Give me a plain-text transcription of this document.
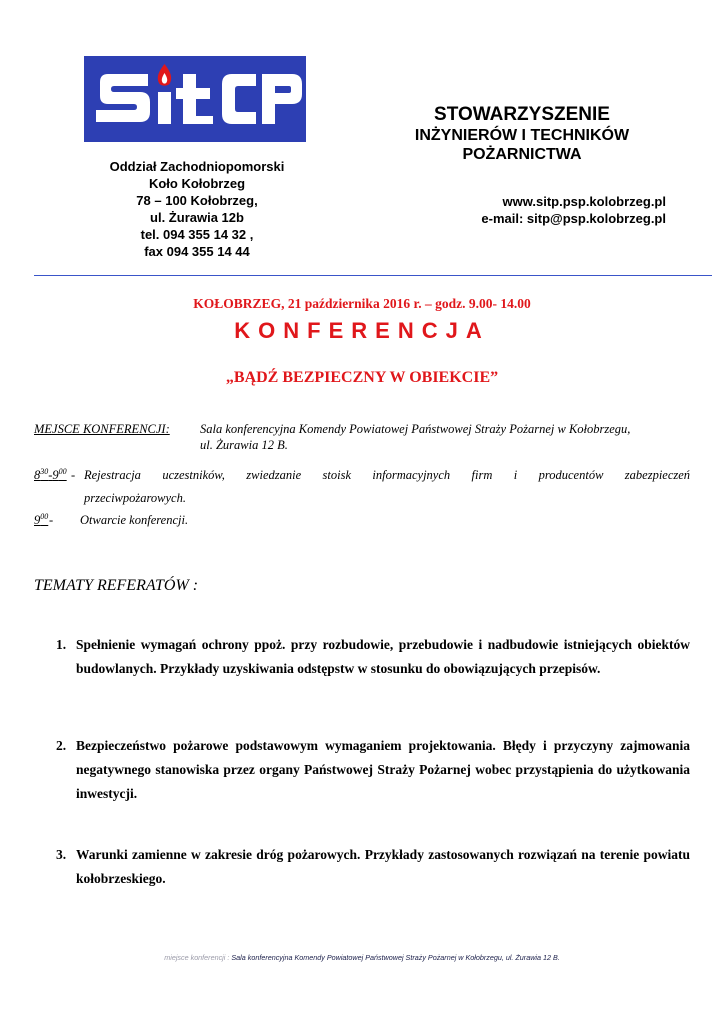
Oddział Zachodniopomorski
Koło Kołobrzeg
78 – 100 Kołobrzeg,
ul. Żurawia 12b
tel. 094 355 14 32 ,
fax 094 355 14 44
STOWARZYSZENIE
INŻYNIERÓW I TECHNIKÓW
POŻARNICTWA
www.sitp.psp.kolobrzeg.pl
e-mail: sitp@psp.kolobrzeg.pl
KOŁOBRZEG, 21 października 2016 r. – godz. 9.00- 14.00
KONFERENCJA
„BĄDŹ BEZPIECZNY W OBIEKCIE”
MEJSCE KONFERENCJI: Sala konferencyjna Komendy Powiatowej Państwowej Straży Pożarnej w Kołobrzegu,
ul. Żurawia 12 B.
$8^{30}-9^{00}$ - Rejestracja uczestników, zwiedzanie stoisk informacyjnych firm i producentów zabezpieczeń
przeciwpożarowych.
$9^{00}$ - Otwarcie konferencji.
TEMATY REFERATÓW :
1. Spełnienie wymagań ochrony ppoż. przy rozbudowie, przebudowie i nadbudowie istniejących obiektów budowlanych. Przykłady uzyskiwania odstępstw w stosunku do obowiązujących przepisów.
2. Bezpieczeństwo pożarowe podstawowym wymaganiem projektowania. Błędy i przyczyny zajmowania negatywnego stanowiska przez organy Państwowej Straży Pożarnej wobec przystąpienia do użytkowania inwestycji.
3. Warunki zamienne w zakresie dróg pożarowych. Przykłady zastosowanych rozwiązań na terenie powiatu kołobrzeskiego.
miejsce konferencji : Sala konferencyjna Komendy Powiatowej Państwowej Straży Pożarnej w Kołobrzegu, ul. Żurawia 12 B.
